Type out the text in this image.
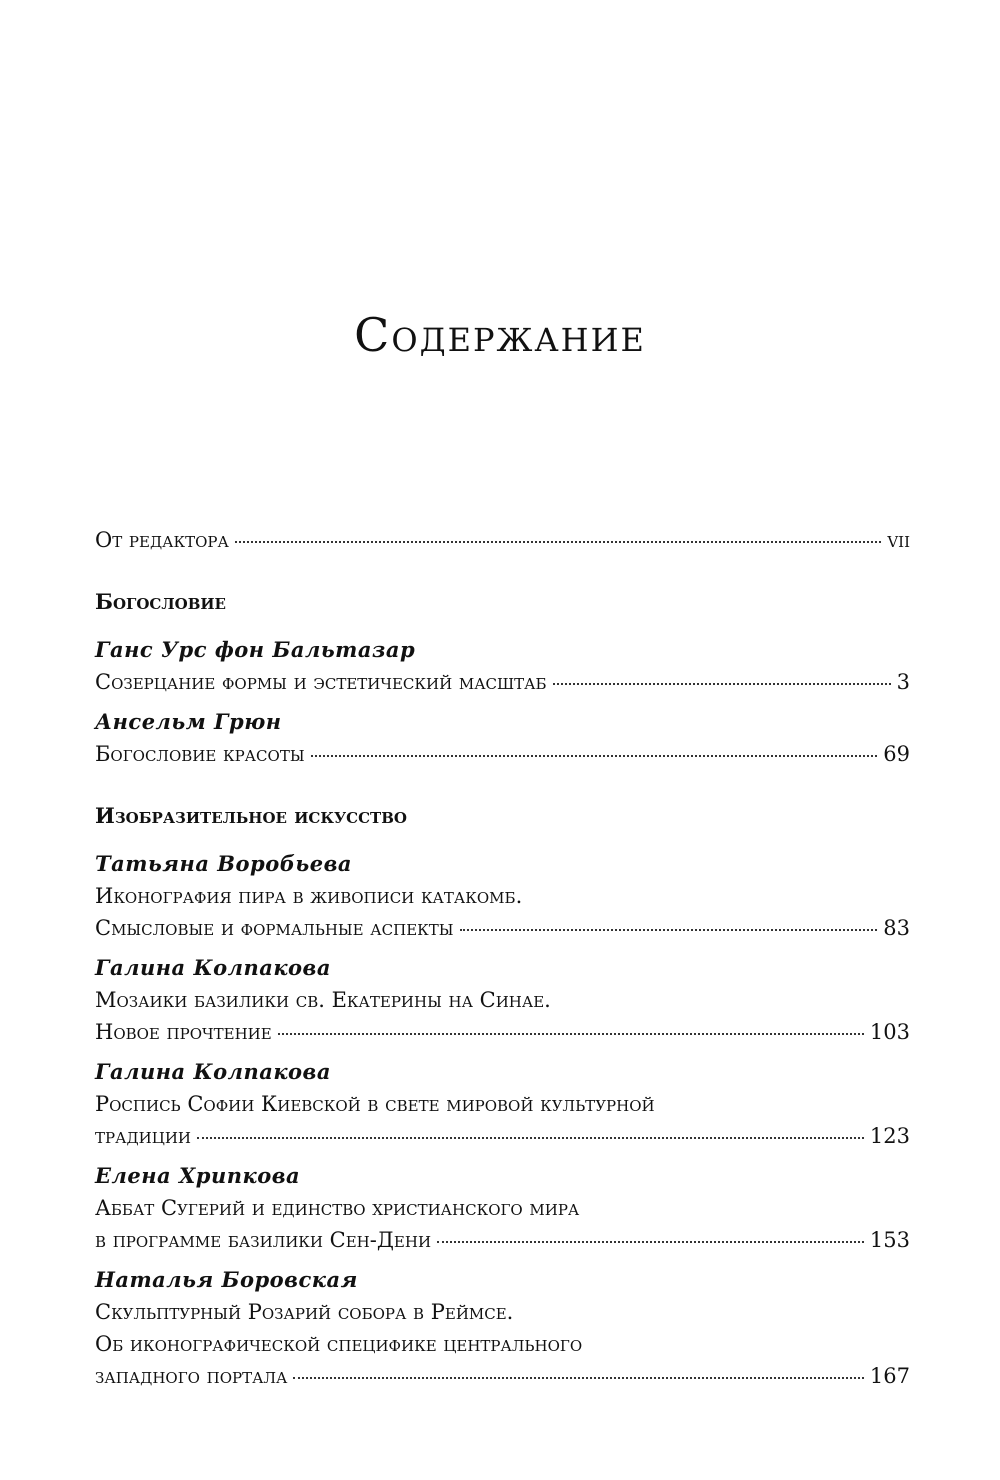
Содержание
От редактора	vii
Богословие
Ганс Урс фон Бальтазар
Созерцание формы и эстетический масштаб	3
Ансельм Грюн
Богословие красоты	69
Изобразительное искусство
Татьяна Воробьева
Иконография пира в живописи катакомб.
Смысловые и формальные аспекты	83
Галина Колпакова
Мозаики базилики св. Екатерины на Синае.
Новое прочтение	103
Галина Колпакова
Роспись Софии Киевской в свете мировой культурной
традиции	123
Елена Хрипкова
Аббат Сугерий и единство христианского мира
в программе базилики Сен-Дени	153
Наталья Боровская
Скульптурный Розарий собора в Реймсе.
Об иконографической специфике центрального
западного портала	167
